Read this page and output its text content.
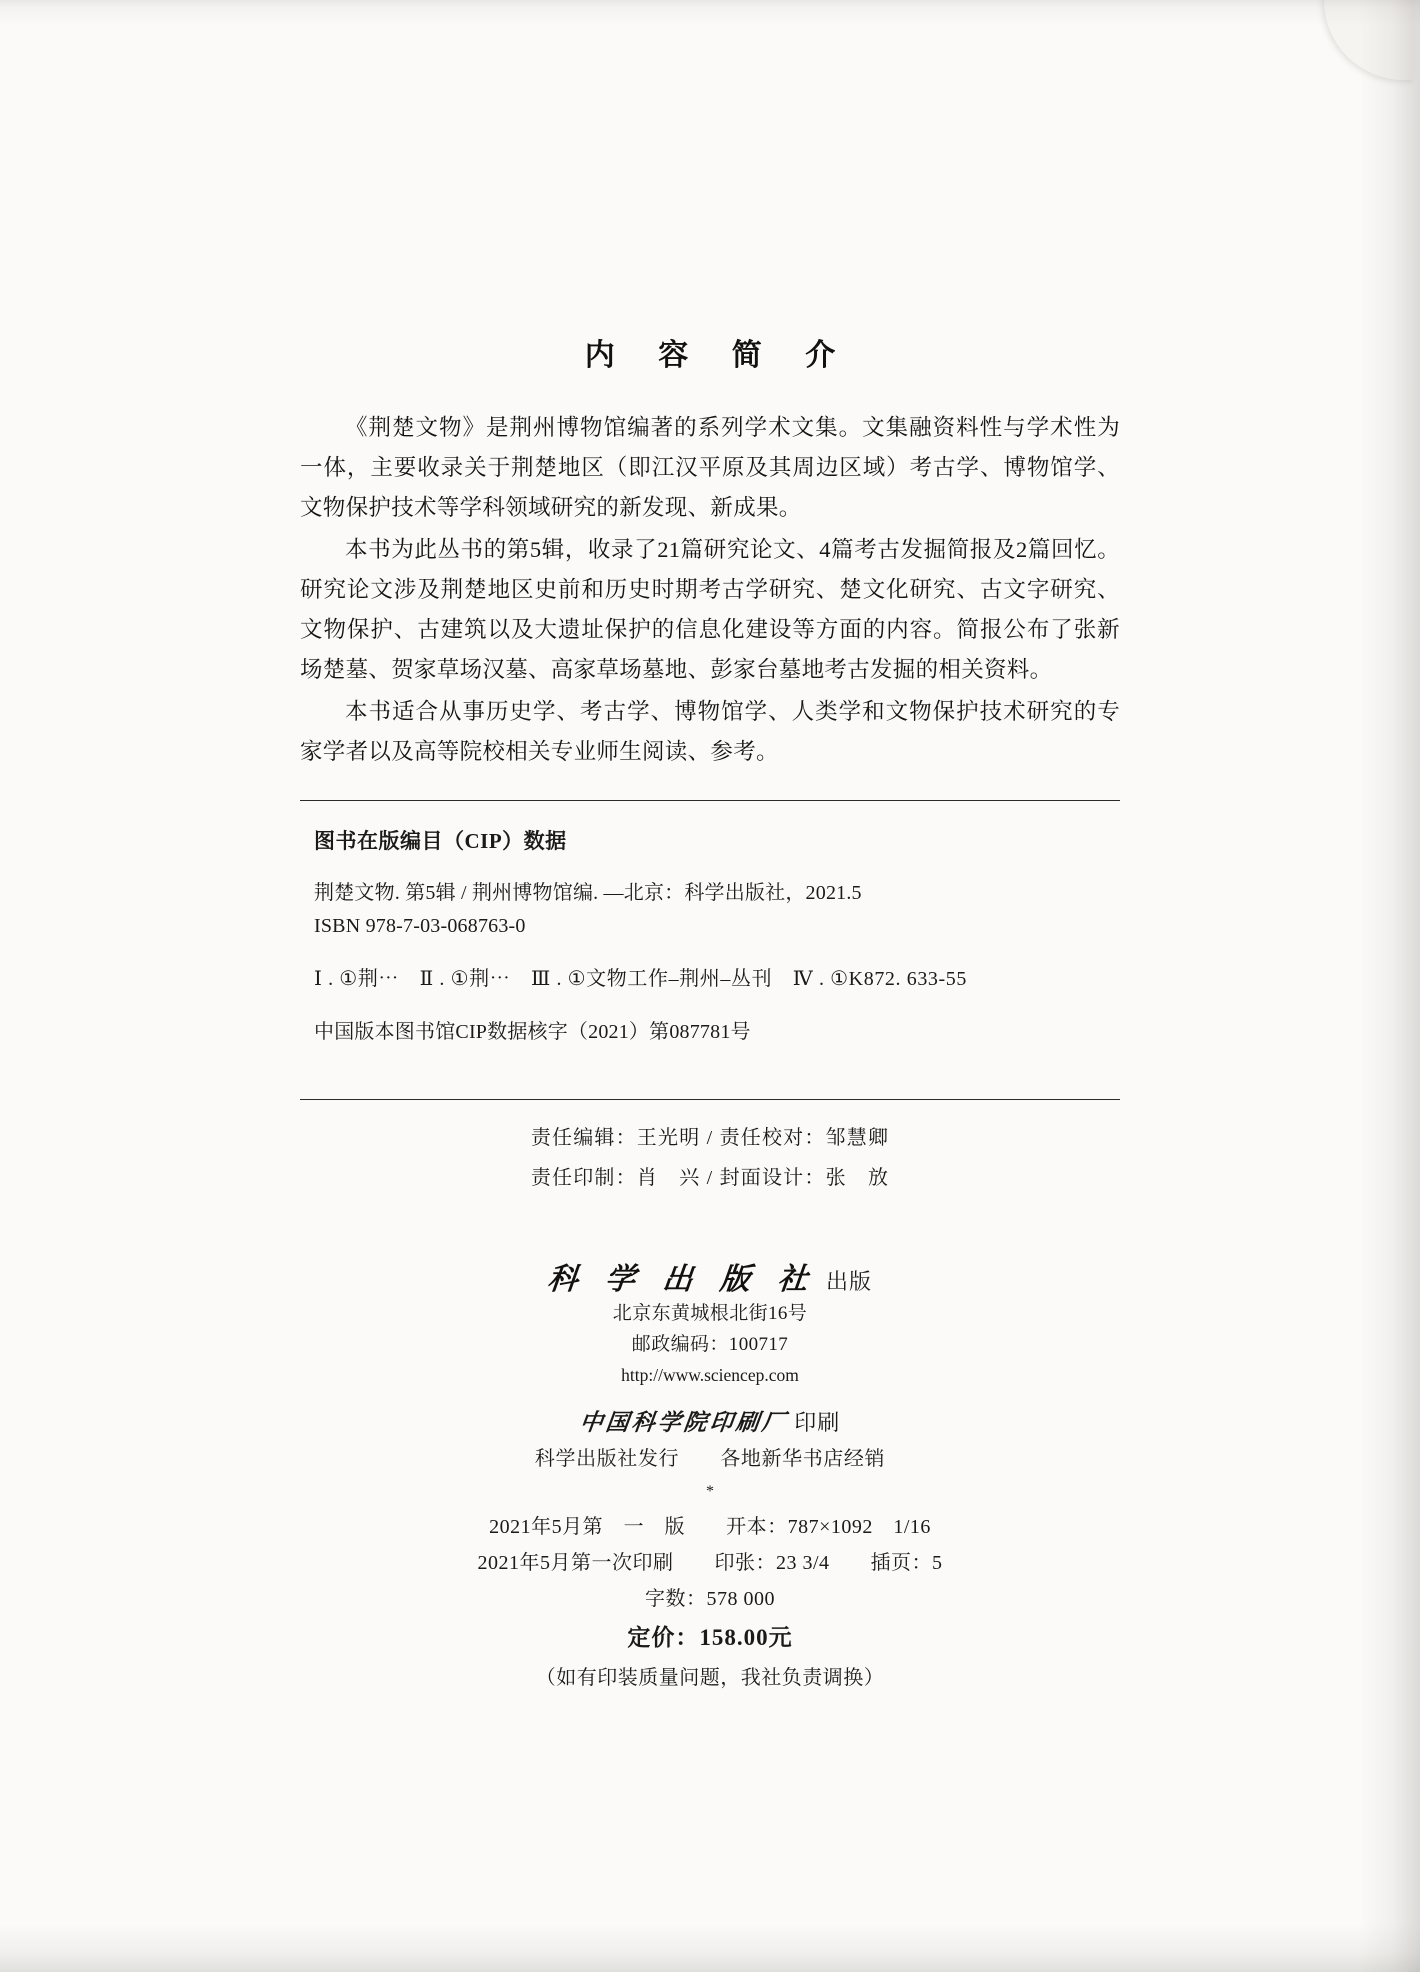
内 容 简 介

《荆楚文物》是荆州博物馆编著的系列学术文集。文集融资料性与学术性为一体，主要收录关于荆楚地区（即江汉平原及其周边区域）考古学、博物馆学、文物保护技术等学科领域研究的新发现、新成果。

本书为此丛书的第5辑，收录了21篇研究论文、4篇考古发掘简报及2篇回忆。研究论文涉及荆楚地区史前和历史时期考古学研究、楚文化研究、古文字研究、文物保护、古建筑以及大遗址保护的信息化建设等方面的内容。简报公布了张新场楚墓、贺家草场汉墓、高家草场墓地、彭家台墓地考古发掘的相关资料。

本书适合从事历史学、考古学、博物馆学、人类学和文物保护技术研究的专家学者以及高等院校相关专业师生阅读、参考。

图书在版编目（CIP）数据
荆楚文物. 第5辑 / 荆州博物馆编. —北京：科学出版社，2021.5
ISBN 978-7-03-068763-0
Ⅰ . ①荆⋯　Ⅱ . ①荆⋯　Ⅲ . ①文物工作–荆州–丛刊　Ⅳ . ①K872. 633-55
中国版本图书馆CIP数据核字（2021）第087781号
责任编辑：王光明 / 责任校对：邹慧卿
责任印制：肖　兴 / 封面设计：张　放
科 学 出 版 社 出版
北京东黄城根北街16号
邮政编码：100717
http://www.sciencep.com
中国科学院印刷厂 印刷
科学出版社发行　　各地新华书店经销
*
2021年5月第　一　版　　开本：787×1092　1/16
2021年5月第一次印刷　　印张：23 3/4　　插页：5
字数：578 000
定价：158.00元
（如有印装质量问题，我社负责调换）
